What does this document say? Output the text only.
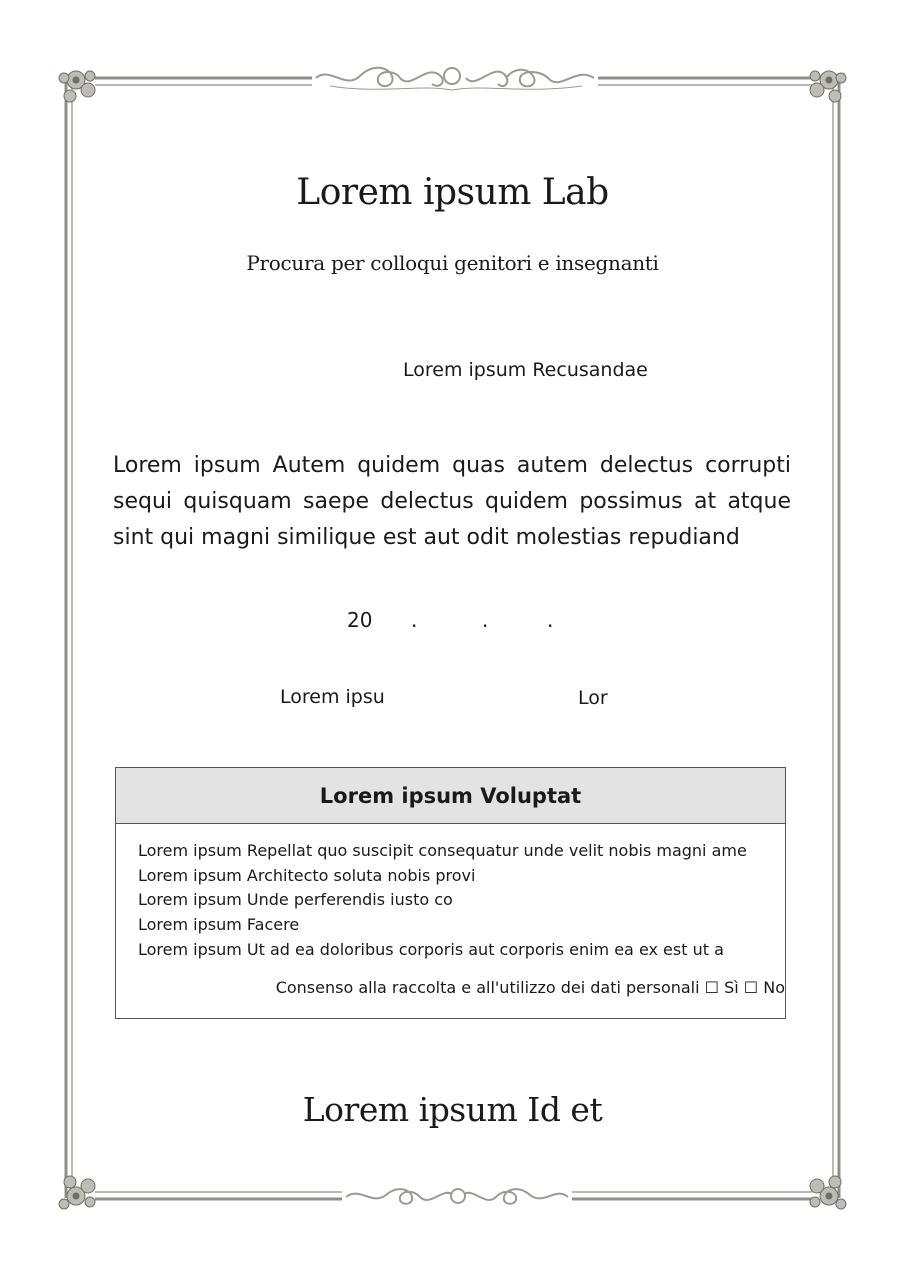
Lorem ipsum Lab
Procura per colloqui genitori e insegnanti
Lorem ipsum Recusandae
Lorem ipsum Autem quidem quas autem delectus corrupti sequi quisquam saepe delectus quidem possimus at atque sint qui magni similique est aut odit molestias repudiand
20 .	.	.
Lorem ipsu	Lor
Lorem ipsum Voluptat
Lorem ipsum Repellat quo suscipit consequatur unde velit nobis magni ame
Lorem ipsum Architecto soluta nobis provi
Lorem ipsum Unde perferendis iusto co
Lorem ipsum Facere
Lorem ipsum Ut ad ea doloribus corporis aut corporis enim ea ex est ut a
Consenso alla raccolta e all'utilizzo dei dati personali ☐ Sì ☐ No
Lorem ipsum Id et
